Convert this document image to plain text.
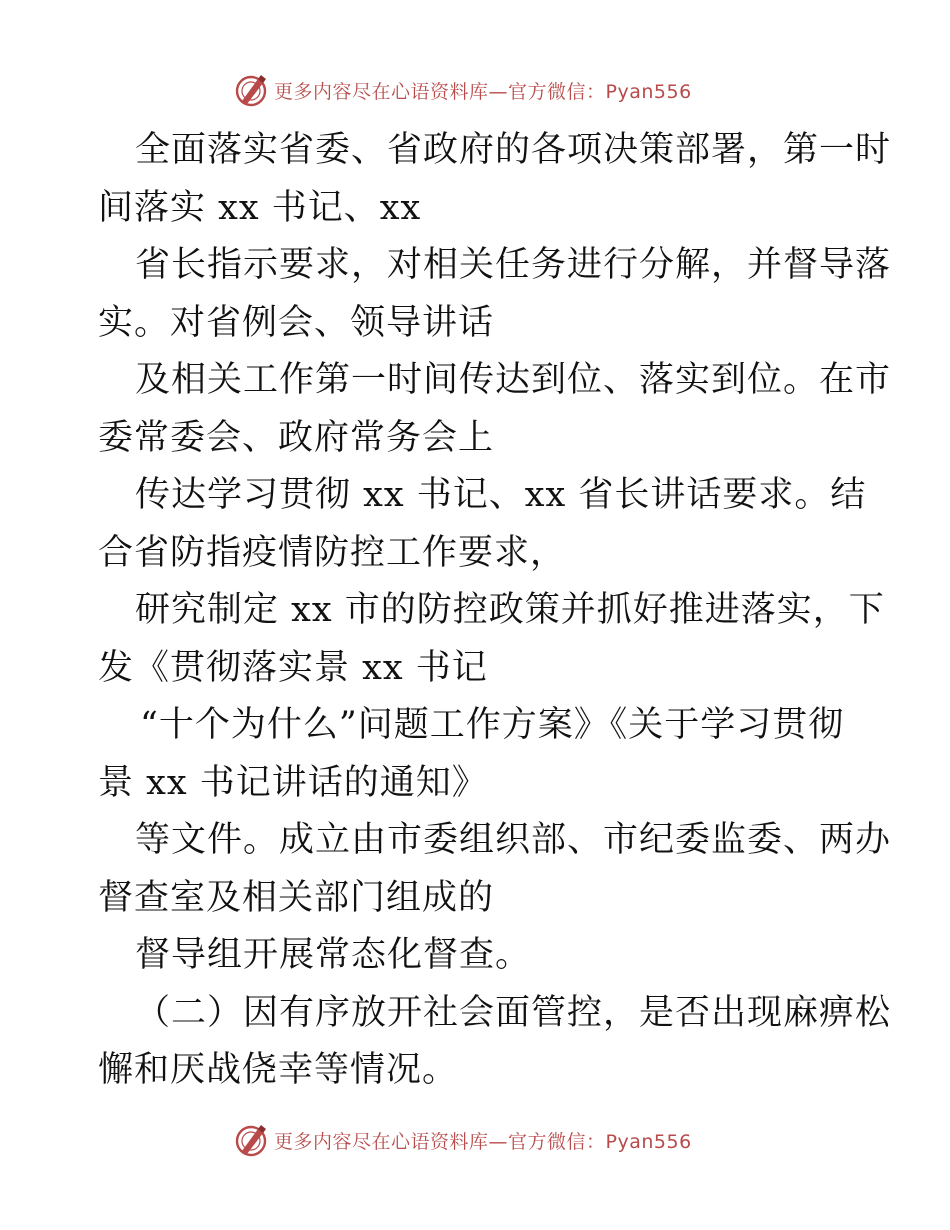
更多内容尽在心语资料库—官方微信：Pyan556
全面落实省委、省政府的各项决策部署，第一时
间落实 xx 书记、xx
省长指示要求，对相关任务进行分解，并督导落
实。对省例会、领导讲话
及相关工作第一时间传达到位、落实到位。在市
委常委会、政府常务会上
传达学习贯彻 xx 书记、xx 省长讲话要求。结
合省防指疫情防控工作要求，
研究制定 xx 市的防控政策并抓好推进落实，下
发《贯彻落实景 xx 书记
“十个为什么”问题工作方案》《关于学习贯彻
景 xx 书记讲话的通知》
等文件。成立由市委组织部、市纪委监委、两办
督查室及相关部门组成的
督导组开展常态化督查。
（二）因有序放开社会面管控，是否出现麻痹松
懈和厌战侥幸等情况。
更多内容尽在心语资料库—官方微信：Pyan556
